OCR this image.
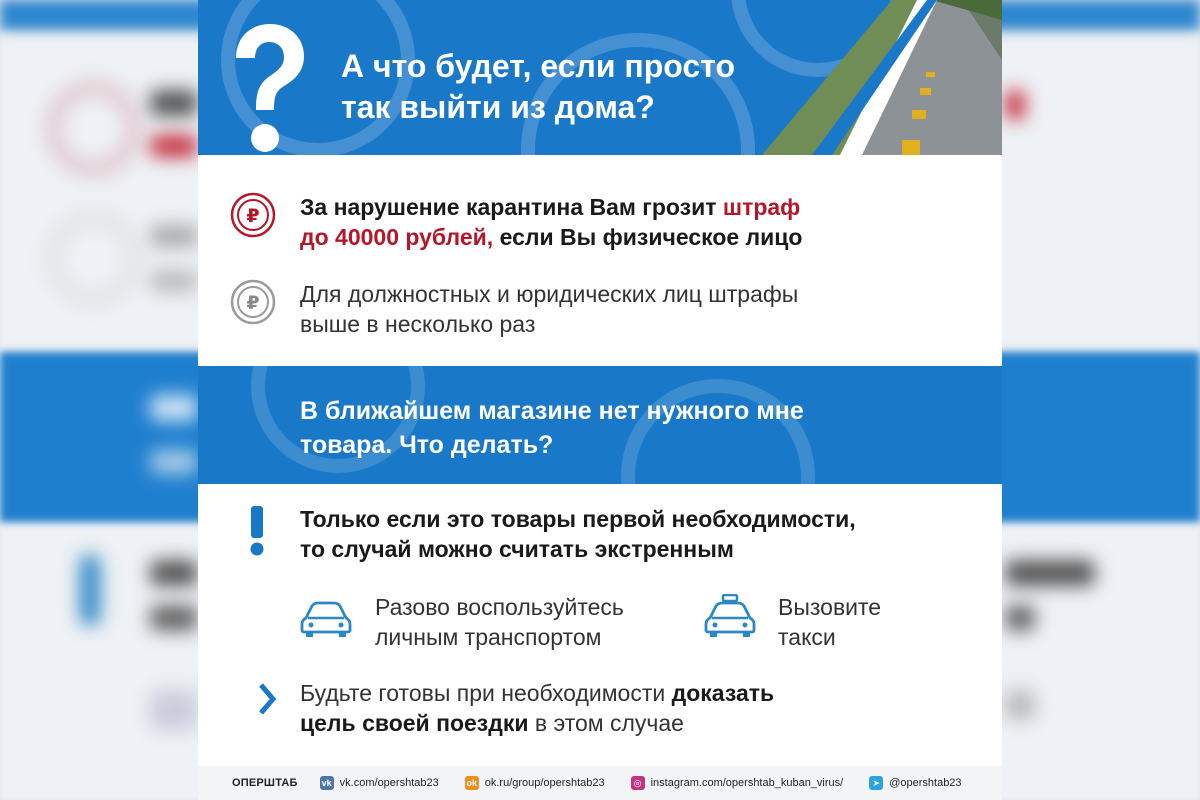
А что будет, если просто
так выйти из дома?
₽ За нарушение карантина Вам грозит штраф
до 40000 рублей, если Вы физическое лицо
₽ Для должностных и юридических лиц штрафы
выше в несколько раз
В ближайшем магазине нет нужного мне
товара. Что делать?
Только если это товары первой необходимости,
то случай можно считать экстренным
Разово воспользуйтесь
личным транспортом
Вызовите
такси
Будьте готовы при необходимости доказать
цель своей поездки в этом случае
ОПЕРШТАБ	vk vk.com/opershtab23	ok ok.ru/group/opershtab23	◎ instagram.com/opershtab_kuban_virus/	➤ @opershtab23
